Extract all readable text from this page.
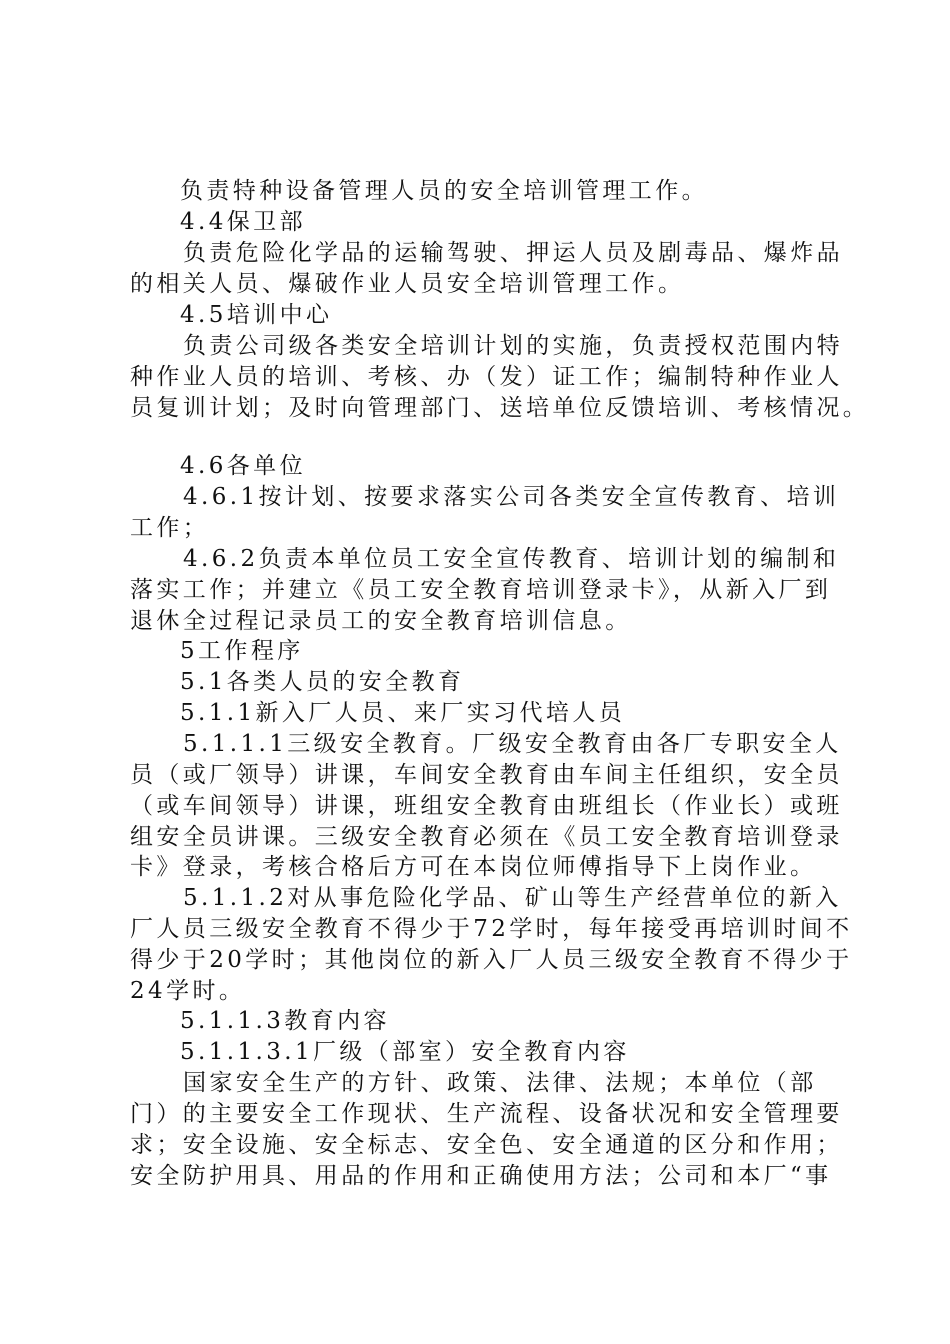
负责特种设备管理人员的安全培训管理工作。
4.4保卫部
负责危险化学品的运输驾驶、押运人员及剧毒品、爆炸品
的相关人员、爆破作业人员安全培训管理工作。
4.5培训中心
负责公司级各类安全培训计划的实施，负责授权范围内特
种作业人员的培训、考核、办（发）证工作；编制特种作业人
员复训计划；及时向管理部门、送培单位反馈培训、考核情况。
4.6各单位
4.6.1按计划、按要求落实公司各类安全宣传教育、培训
工作；
4.6.2负责本单位员工安全宣传教育、培训计划的编制和
落实工作；并建立《员工安全教育培训登录卡》，从新入厂到
退休全过程记录员工的安全教育培训信息。
5工作程序
5.1各类人员的安全教育
5.1.1新入厂人员、来厂实习代培人员
5.1.1.1三级安全教育。厂级安全教育由各厂专职安全人
员（或厂领导）讲课，车间安全教育由车间主任组织，安全员
（或车间领导）讲课，班组安全教育由班组长（作业长）或班
组安全员讲课。三级安全教育必须在《员工安全教育培训登录
卡》登录，考核合格后方可在本岗位师傅指导下上岗作业。
5.1.1.2对从事危险化学品、矿山等生产经营单位的新入
厂人员三级安全教育不得少于72学时，每年接受再培训时间不
得少于20学时；其他岗位的新入厂人员三级安全教育不得少于
24学时。
5.1.1.3教育内容
5.1.1.3.1厂级（部室）安全教育内容
国家安全生产的方针、政策、法律、法规；本单位（部
门）的主要安全工作现状、生产流程、设备状况和安全管理要
求；安全设施、安全标志、安全色、安全通道的区分和作用；
安全防护用具、用品的作用和正确使用方法；公司和本厂“事
